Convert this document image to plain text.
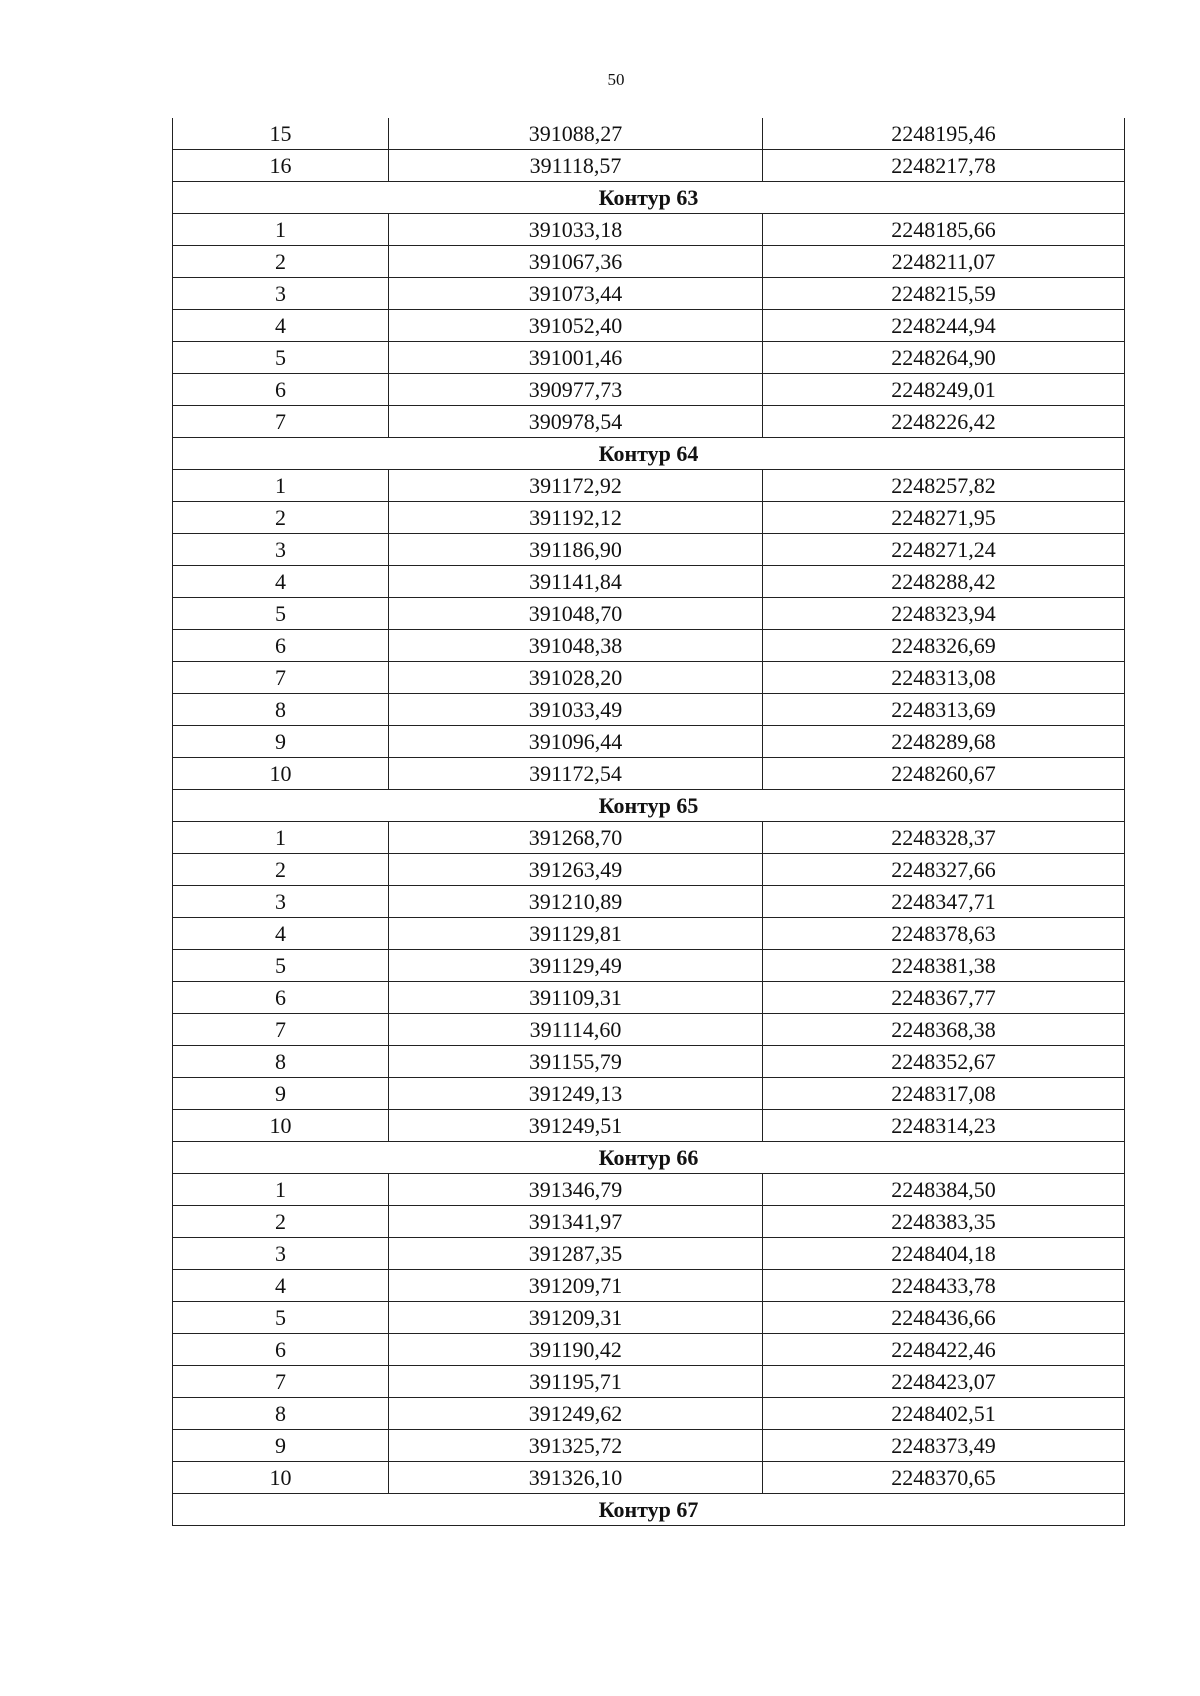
50
15	391088,27	2248195,46
16	391118,57	2248217,78
Контур 63		
1	391033,18	2248185,66
2	391067,36	2248211,07
3	391073,44	2248215,59
4	391052,40	2248244,94
5	391001,46	2248264,90
6	390977,73	2248249,01
7	390978,54	2248226,42
Контур 64		
1	391172,92	2248257,82
2	391192,12	2248271,95
3	391186,90	2248271,24
4	391141,84	2248288,42
5	391048,70	2248323,94
6	391048,38	2248326,69
7	391028,20	2248313,08
8	391033,49	2248313,69
9	391096,44	2248289,68
10	391172,54	2248260,67
Контур 65		
1	391268,70	2248328,37
2	391263,49	2248327,66
3	391210,89	2248347,71
4	391129,81	2248378,63
5	391129,49	2248381,38
6	391109,31	2248367,77
7	391114,60	2248368,38
8	391155,79	2248352,67
9	391249,13	2248317,08
10	391249,51	2248314,23
Контур 66		
1	391346,79	2248384,50
2	391341,97	2248383,35
3	391287,35	2248404,18
4	391209,71	2248433,78
5	391209,31	2248436,66
6	391190,42	2248422,46
7	391195,71	2248423,07
8	391249,62	2248402,51
9	391325,72	2248373,49
10	391326,10	2248370,65
Контур 67		
